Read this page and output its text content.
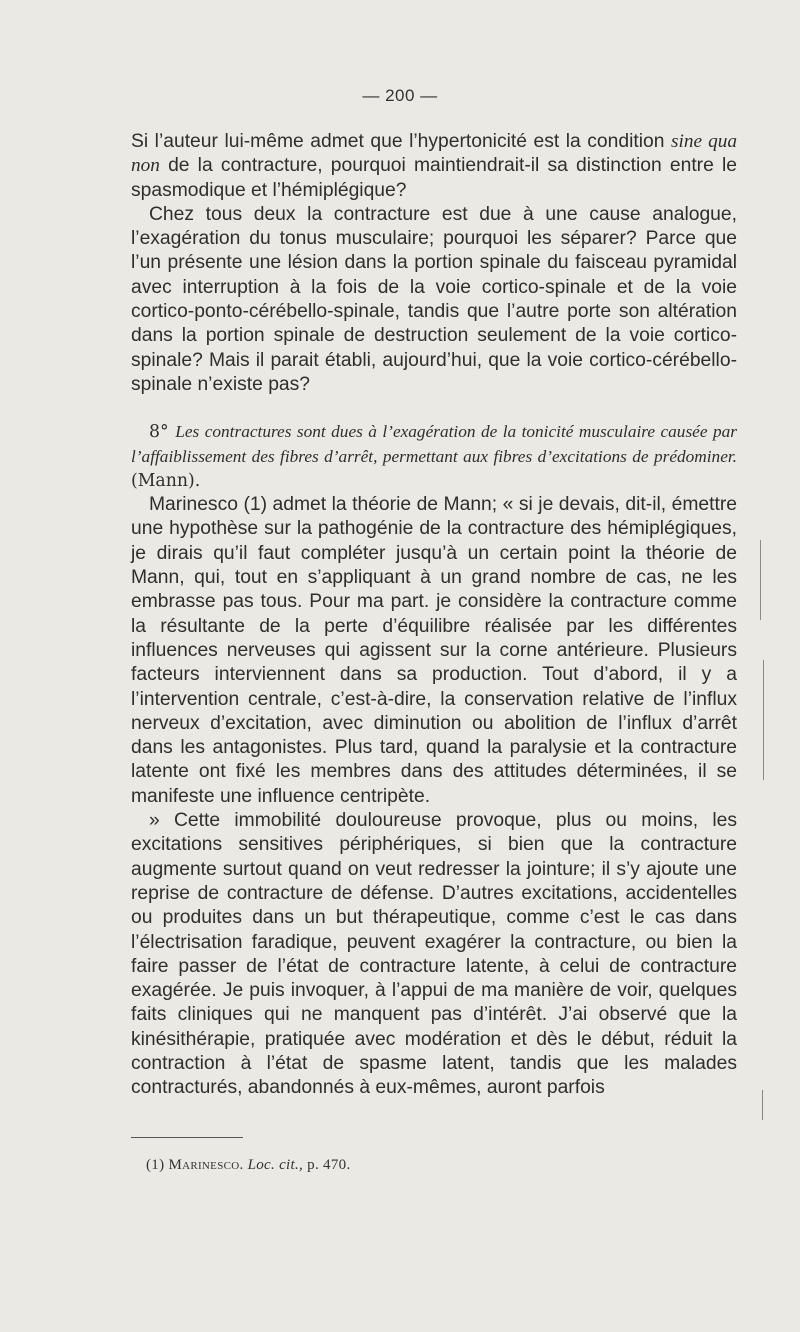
— 200 —

Si l’auteur lui-même admet que l’hypertonicité est la condition sine qua non de la contracture, pourquoi maintiendrait-il sa distinction entre le spasmodique et l’hémiplégique?

Chez tous deux la contracture est due à une cause analogue, l’exagération du tonus musculaire; pourquoi les séparer? Parce que l’un présente une lésion dans la portion spinale du faisceau pyramidal avec interruption à la fois de la voie cortico-spinale et de la voie cortico-ponto-cérébello-spinale, tandis que l’autre porte son altération dans la portion spinale de destruction seulement de la voie cortico-spinale? Mais il parait établi, aujourd’hui, que la voie cortico-cérébello-spinale n’existe pas?

8° Les contractures sont dues à l’exagération de la tonicité musculaire causée par l’affaiblissement des fibres d’arrêt, permettant aux fibres d’excitations de prédominer. (Mann).

Marinesco (1) admet la théorie de Mann; « si je devais, dit-il, émettre une hypothèse sur la pathogénie de la contracture des hémiplégiques, je dirais qu’il faut compléter jusqu’à un certain point la théorie de Mann, qui, tout en s’appliquant à un grand nombre de cas, ne les embrasse pas tous. Pour ma part. je considère la contracture comme la résultante de la perte d’équilibre réalisée par les différentes influences nerveuses qui agissent sur la corne antérieure. Plusieurs facteurs interviennent dans sa production. Tout d’abord, il y a l’intervention centrale, c’est-à-dire, la conservation relative de l’influx nerveux d’excitation, avec diminution ou abolition de l’influx d’arrêt dans les antagonistes. Plus tard, quand la paralysie et la contracture latente ont fixé les membres dans des attitudes déterminées, il se manifeste une influence centripète.

» Cette immobilité douloureuse provoque, plus ou moins, les excitations sensitives périphériques, si bien que la contracture augmente surtout quand on veut redresser la jointure; il s’y ajoute une reprise de contracture de défense. D’autres excitations, accidentelles ou produites dans un but thérapeutique, comme c’est le cas dans l’électrisation faradique, peuvent exagérer la contracture, ou bien la faire passer de l’état de contracture latente, à celui de contracture exagérée. Je puis invoquer, à l’appui de ma manière de voir, quelques faits cliniques qui ne manquent pas d’intérêt. J’ai observé que la kinésithérapie, pratiquée avec modération et dès le début, réduit la contraction à l’état de spasme latent, tandis que les malades contracturés, abandonnés à eux-mêmes, auront parfois

(1) Marinesco. Loc. cit., p. 470.
